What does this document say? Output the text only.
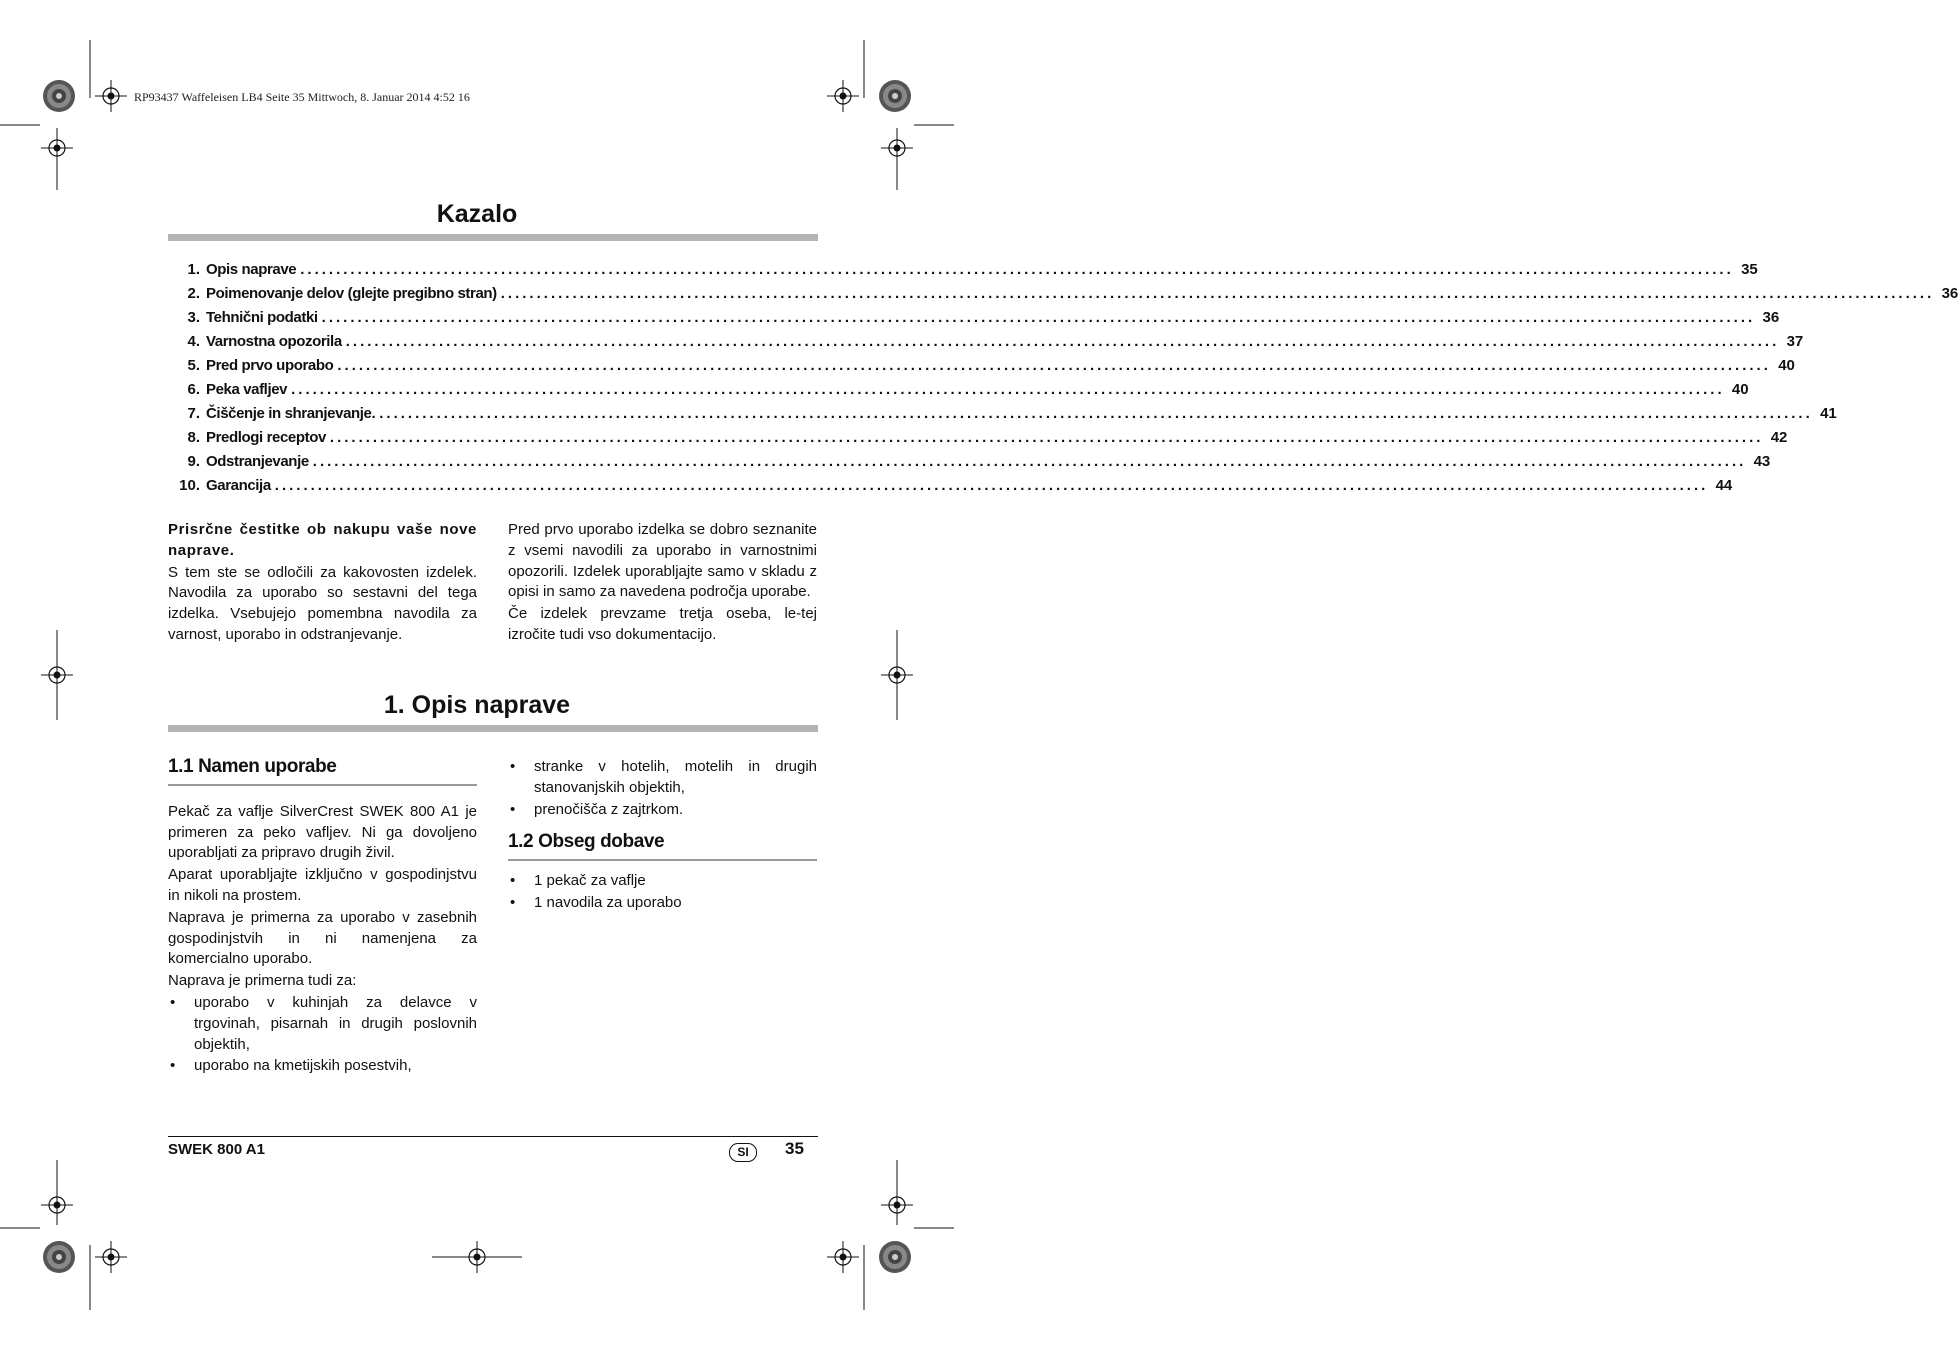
RP93437 Waffeleisen LB4 Seite 35 Mittwoch, 8. Januar 2014 4:52 16
Kazalo
1. Opis naprave ........................................................................................................................................................................................................ 35
2. Poimenovanje delov (glejte pregibno stran) ........................................................................................................................................................................................................ 36
3. Tehnični podatki ........................................................................................................................................................................................................ 36
4. Varnostna opozorila ........................................................................................................................................................................................................ 37
5. Pred prvo uporabo ........................................................................................................................................................................................................ 40
6. Peka vafljev ........................................................................................................................................................................................................ 40
7. Čiščenje in shranjevanje. ........................................................................................................................................................................................................ 41
8. Predlogi receptov ........................................................................................................................................................................................................ 42
9. Odstranjevanje ........................................................................................................................................................................................................ 43
10. Garancija ........................................................................................................................................................................................................ 44

Prisrčne čestitke ob nakupu vaše nove naprave.

S tem ste se odločili za kakovosten izdelek. Navodila za uporabo so sestavni del tega izdelka. Vsebujejo pomembna navodila za varnost, uporabo in odstranjevanje.

Pred prvo uporabo izdelka se dobro seznanite z vsemi navodili za uporabo in varnostnimi opozorili. Izdelek uporabljajte samo v skladu z opisi in samo za navedena področja uporabe.

Če izdelek prevzame tretja oseba, le-tej izročite tudi vso dokumentacijo.

1. Opis naprave
1.1 Namen uporabe

Pekač za vaflje SilverCrest SWEK 800 A1 je primeren za peko vafljev. Ni ga dovoljeno uporabljati za pripravo drugih živil.

Aparat uporabljajte izključno v gospodinjstvu in nikoli na prostem.

Naprava je primerna za uporabo v zasebnih gospodinjstvih in ni namenjena za komercialno uporabo.

Naprava je primerna tudi za:

• uporabo v kuhinjah za delavce v trgovinah, pisarnah in drugih poslovnih objektih,
• uporabo na kmetijskih posestvih,
• stranke v hotelih, motelih in drugih stanovanjskih objektih,
• prenočišča z zajtrkom.
1.2 Obseg dobave
• 1 pekač za vaflje
• 1 navodila za uporabo
SWEK 800 A1	SI	35
